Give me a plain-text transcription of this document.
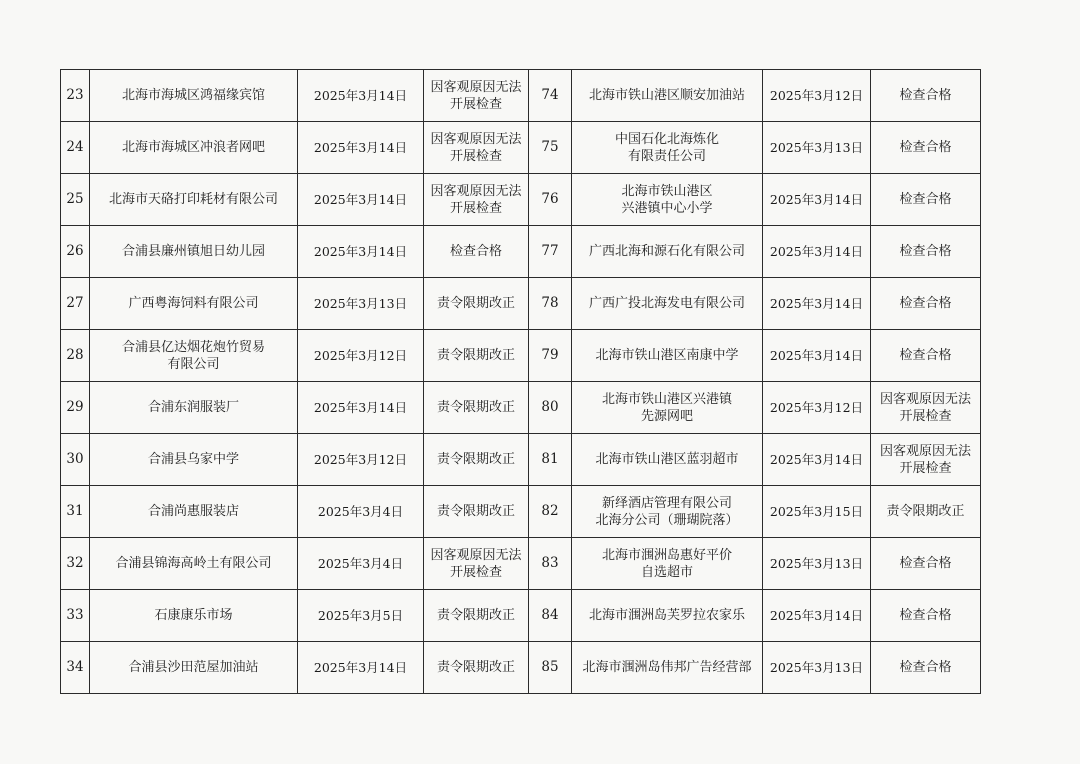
23	北海市海城区鸿福缘宾馆	2025年3月14日	因客观原因无法
开展检查	74	北海市铁山港区顺安加油站	2025年3月12日	检查合格

24	北海市海城区冲浪者网吧	2025年3月14日	因客观原因无法
开展检查	75	中国石化北海炼化
有限责任公司	2025年3月13日	检查合格

25	北海市天硌打印耗材有限公司	2025年3月14日	因客观原因无法
开展检查	76	北海市铁山港区
兴港镇中心小学	2025年3月14日	检查合格

26	合浦县廉州镇旭日幼儿园	2025年3月14日	检查合格	77	广西北海和源石化有限公司	2025年3月14日	检查合格

27	广西粤海饲料有限公司	2025年3月13日	责令限期改正	78	广西广投北海发电有限公司	2025年3月14日	检查合格

28	合浦县亿达烟花炮竹贸易
有限公司	2025年3月12日	责令限期改正	79	北海市铁山港区南康中学	2025年3月14日	检查合格

29	合浦东润服装厂	2025年3月14日	责令限期改正	80	北海市铁山港区兴港镇
先源网吧	2025年3月12日	因客观原因无法
开展检查

30	合浦县乌家中学	2025年3月12日	责令限期改正	81	北海市铁山港区蓝羽超市	2025年3月14日	因客观原因无法
开展检查

31	合浦尚惠服装店	2025年3月4日	责令限期改正	82	新绎酒店管理有限公司
北海分公司（珊瑚院落）	2025年3月15日	责令限期改正

32	合浦县锦海高岭土有限公司	2025年3月4日	因客观原因无法
开展检查	83	北海市涠洲岛惠好平价
自选超市	2025年3月13日	检查合格

33	石康康乐市场	2025年3月5日	责令限期改正	84	北海市涠洲岛芙罗拉农家乐	2025年3月14日	检查合格

34	合浦县沙田范屋加油站	2025年3月14日	责令限期改正	85	北海市涠洲岛伟邦广告经营部	2025年3月13日	检查合格
